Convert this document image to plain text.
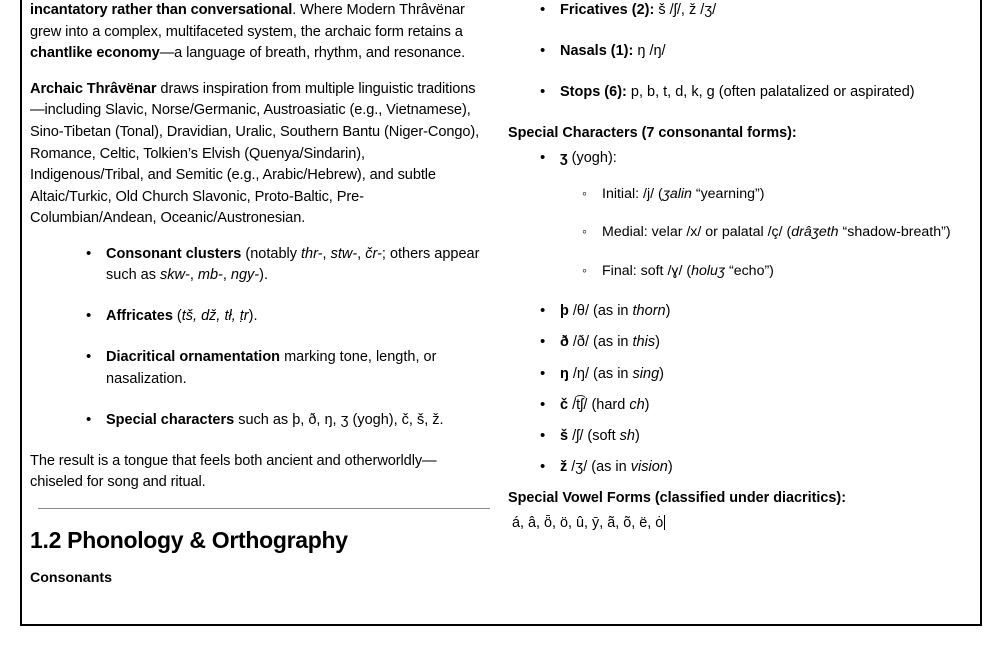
incantatory rather than conversational. Where Modern Thrâvënar grew into a complex, multifaceted system, the archaic form retains a chantlike economy—a language of breath, rhythm, and resonance.

Archaic Thrâvënar draws inspiration from multiple linguistic traditions—including Slavic, Norse/Germanic, Austroasiatic (e.g., Vietnamese), Sino-Tibetan (Tonal), Dravidian, Uralic, Southern Bantu (Niger-Congo), Romance, Celtic, Tolkien’s Elvish (Quenya/Sindarin), Indigenous/Tribal, and Semitic (e.g., Arabic/Hebrew), and subtle Altaic/Turkic, Old Church Slavonic, Proto-Baltic, Pre-Columbian/Andean, Oceanic/Austronesian.

• Consonant clusters (notably thr-, stw-, čr-; others appear such as skw-, mb-, ngy-).
• Affricates (tš, dž, tł, ṭr).
• Diacritical ornamentation marking tone, length, or nasalization.
• Special characters such as þ, ð, ŋ, ʒ (yogh), č, š, ž.

The result is a tongue that feels both ancient and otherworldly—chiseled for song and ritual.

1.2 Phonology & Orthography
Consonants
• Fricatives (2): š /ʃ/, ž /ʒ/
• Nasals (1): ŋ /ŋ/
• Stops (6): p, b, t, d, k, g (often palatalized or aspirated)
Special Characters (7 consonantal forms):
• ʒ (yogh):
◦ Initial: /j/ (ʒalin “yearning”)
◦ Medial: velar /x/ or palatal /ç/ (drâʒeth “shadow-breath”)
◦ Final: soft /ɣ/ (holuʒ “echo”)
• þ /θ/ (as in thorn)
• ð /ð/ (as in this)
• ŋ /ŋ/ (as in sing)
• č /t͡ʃ/ (hard ch)
• š /ʃ/ (soft sh)
• ž /ʒ/ (as in vision)
Special Vowel Forms (classified under diacritics):

á, â, ȫ, ö, û, ȳ, ã, õ, ë, ȯ
